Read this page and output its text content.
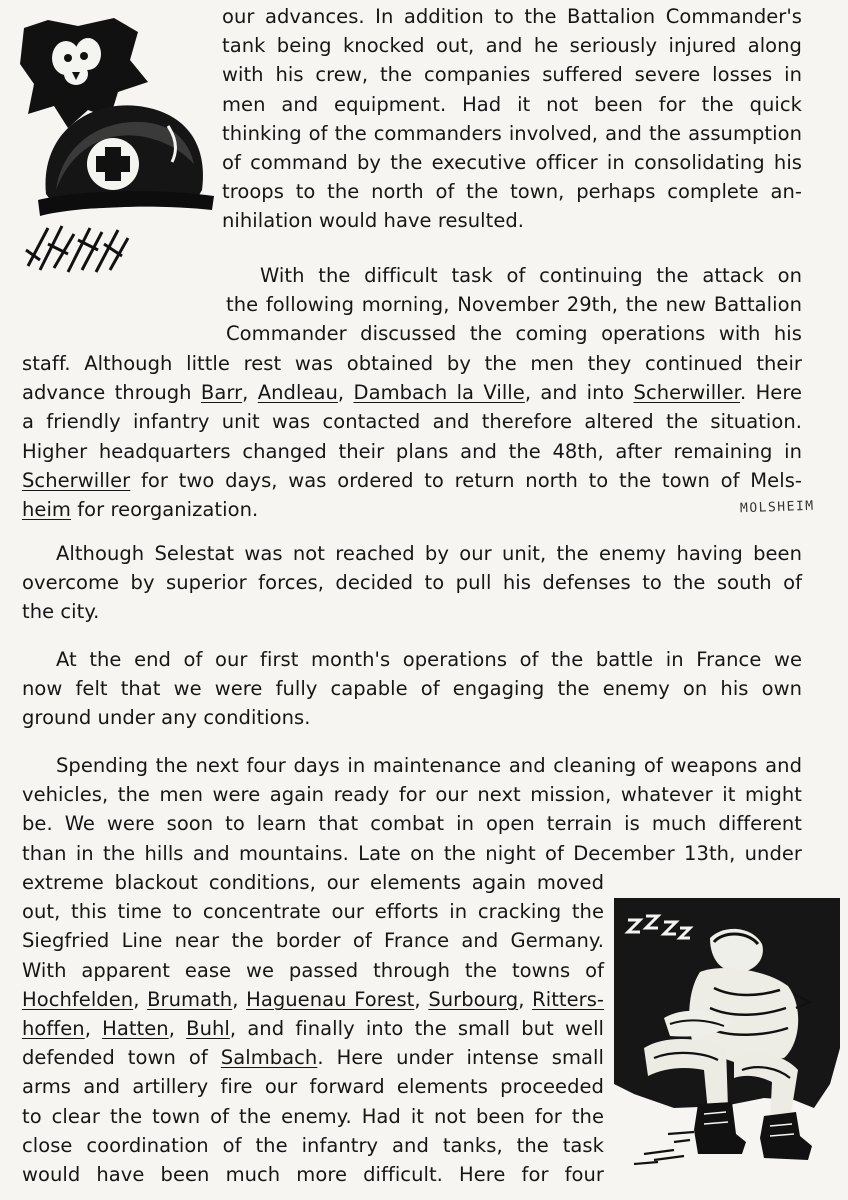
our advances. In addition to the Battalion Commander's

tank being knocked out, and he seriously injured along

with his crew, the companies suffered severe losses in

men and equipment. Had it not been for the quick

thinking of the commanders involved, and the assumption

of command by the executive officer in consolidating his

troops to the north of the town, perhaps complete an-

nihilation would have resulted.

With the difficult task of continuing the attack on

the following morning, November 29th, the new Battalion

Commander discussed the coming operations with his

staff. Although little rest was obtained by the men they continued their

advance through Barr, Andleau, Dambach la Ville, and into Scherwiller. Here

a friendly infantry unit was contacted and therefore altered the situation.

Higher headquarters changed their plans and the 48th, after remaining in

Scherwiller for two days, was ordered to return north to the town of Mels-

heim for reorganization.	MOLSHEIM

Although Selestat was not reached by our unit, the enemy having been

overcome by superior forces, decided to pull his defenses to the south of

the city.

At the end of our first month's operations of the battle in France we

now felt that we were fully capable of engaging the enemy on his own

ground under any conditions.

Spending the next four days in maintenance and cleaning of weapons and

vehicles, the men were again ready for our next mission, whatever it might

be. We were soon to learn that combat in open terrain is much different

than in the hills and mountains. Late on the night of December 13th, under

extreme blackout conditions, our elements again moved

out, this time to concentrate our efforts in cracking the

Siegfried Line near the border of France and Germany.

With apparent ease we passed through the towns of

Hochfelden, Brumath, Haguenau Forest, Surbourg, Ritters-

hoffen, Hatten, Buhl, and finally into the small but well

defended town of Salmbach. Here under intense small

arms and artillery fire our forward elements proceeded

to clear the town of the enemy. Had it not been for the

close coordination of the infantry and tanks, the task

would have been much more difficult. Here for four
